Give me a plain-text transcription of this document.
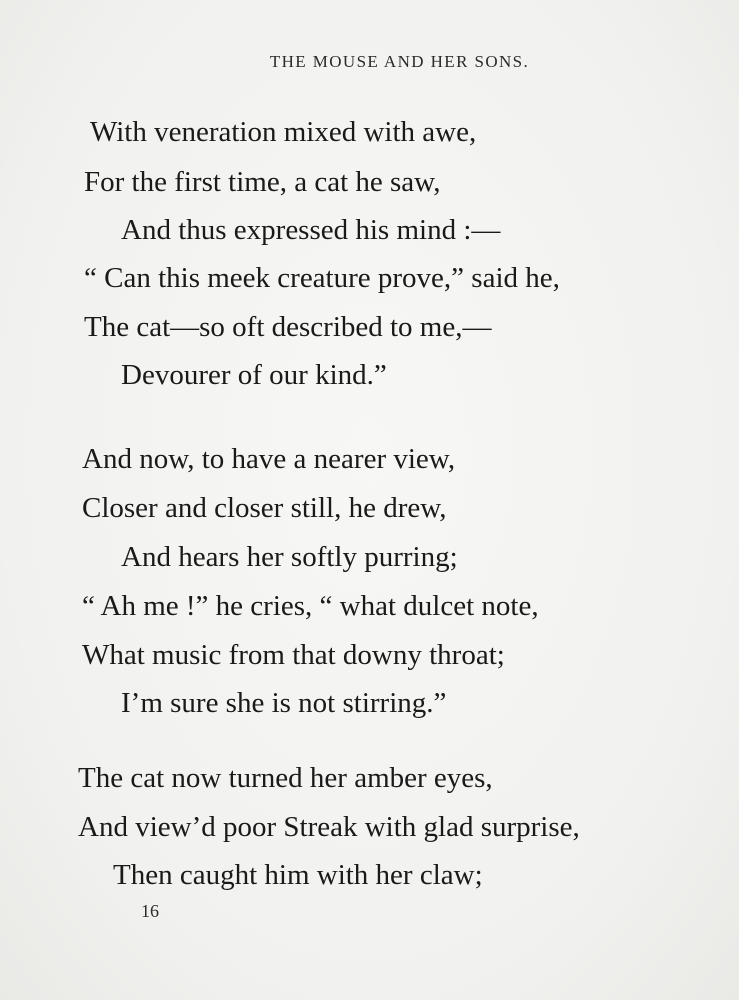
THE MOUSE AND HER SONS.
With veneration mixed with awe,
For the first time, a cat he saw,
And thus expressed his mind :—
“ Can this meek creature prove,” said he,
The cat—so oft described to me,—
Devourer of our kind.”
And now, to have a nearer view,
Closer and closer still, he drew,
And hears her softly purring;
“ Ah me !” he cries, “ what dulcet note,
What music from that downy throat;
I’m sure she is not stirring.”
The cat now turned her amber eyes,
And view’d poor Streak with glad surprise,
Then caught him with her claw;
16
